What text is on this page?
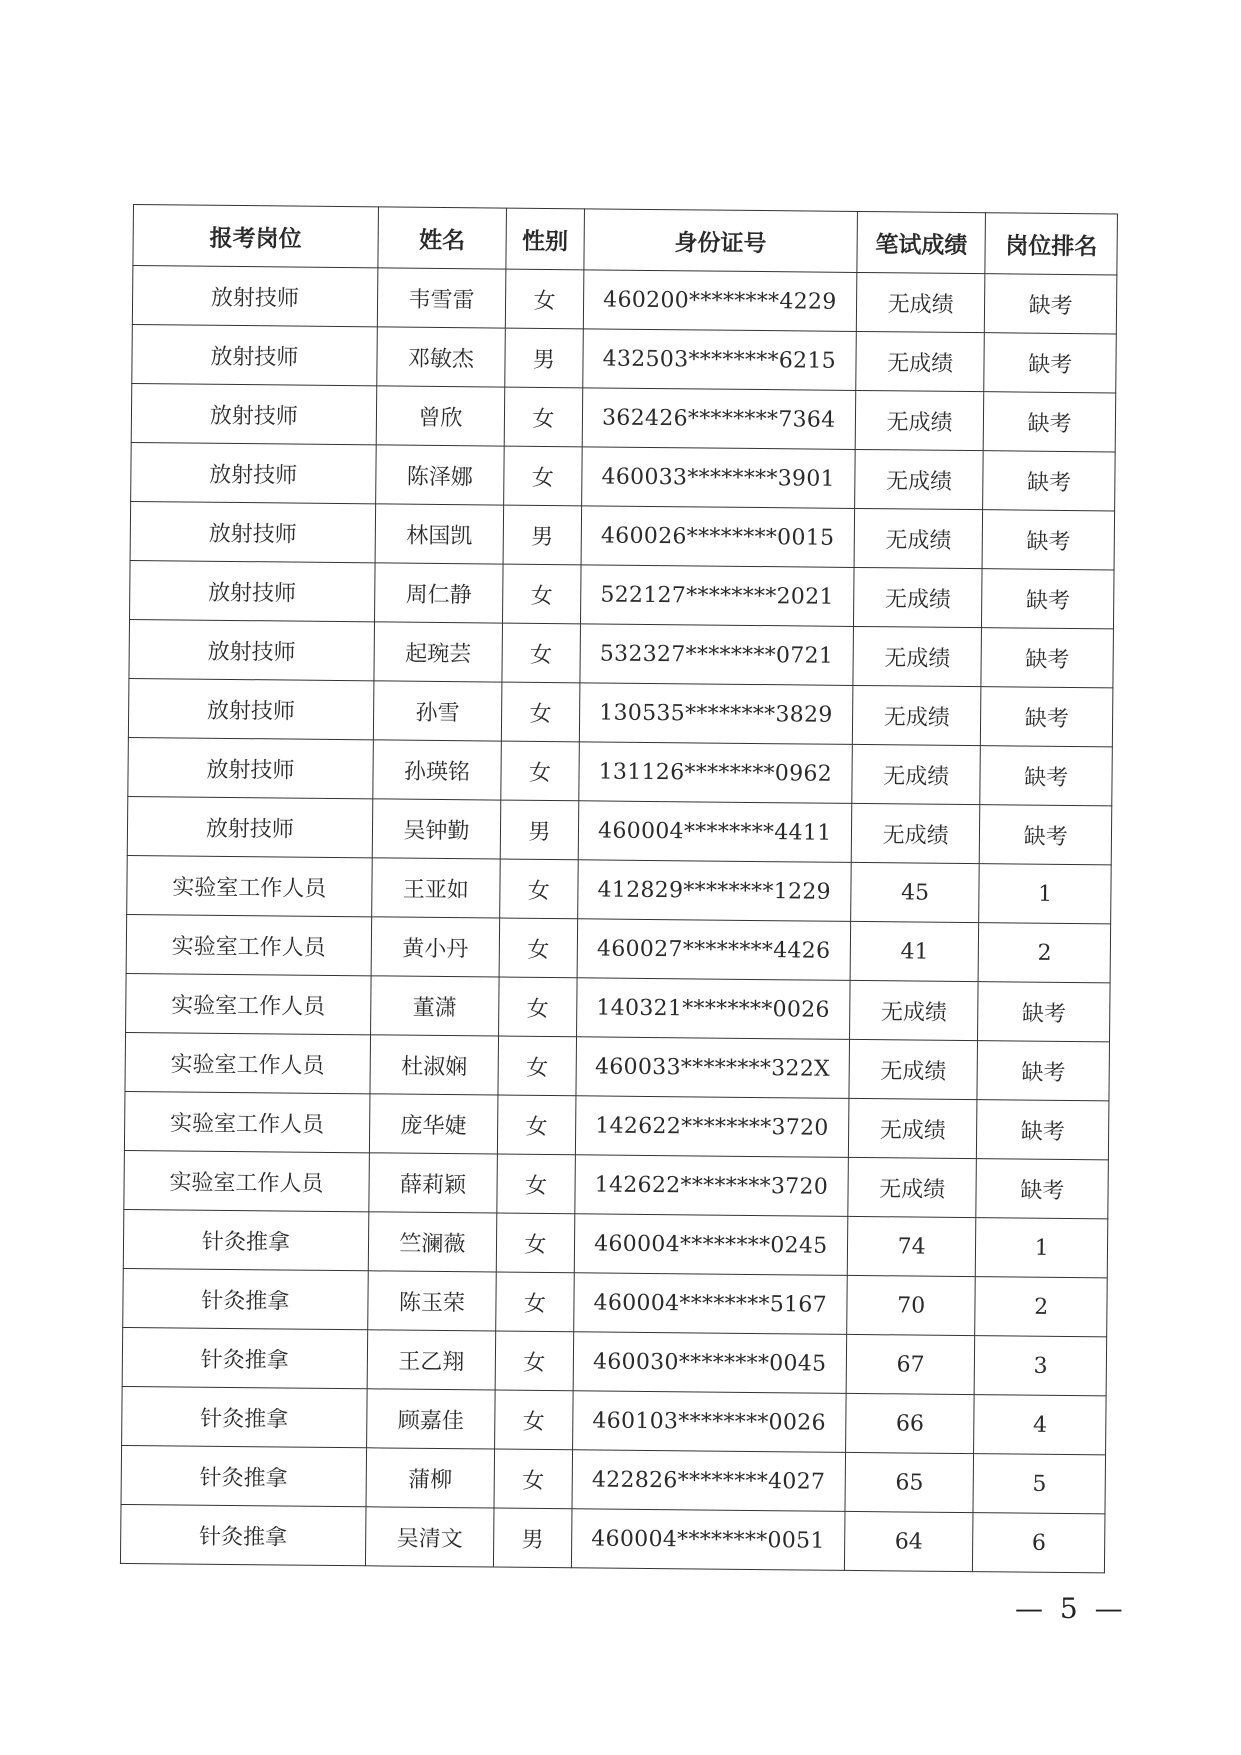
报考岗位	姓名	性别	身份证号	笔试成绩	岗位排名
放射技师	韦雪雷	女	460200********4229	无成绩	缺考
放射技师	邓敏杰	男	432503********6215	无成绩	缺考
放射技师	曾欣	女	362426********7364	无成绩	缺考
放射技师	陈泽娜	女	460033********3901	无成绩	缺考
放射技师	林国凯	男	460026********0015	无成绩	缺考
放射技师	周仁静	女	522127********2021	无成绩	缺考
放射技师	起琬芸	女	532327********0721	无成绩	缺考
放射技师	孙雪	女	130535********3829	无成绩	缺考
放射技师	孙瑛铭	女	131126********0962	无成绩	缺考
放射技师	吴钟勤	男	460004********4411	无成绩	缺考
实验室工作人员	王亚如	女	412829********1229	45	1
实验室工作人员	黄小丹	女	460027********4426	41	2
实验室工作人员	董潇	女	140321********0026	无成绩	缺考
实验室工作人员	杜淑娴	女	460033********322X	无成绩	缺考
实验室工作人员	庞华婕	女	142622********3720	无成绩	缺考
实验室工作人员	薛莉颖	女	142622********3720	无成绩	缺考
针灸推拿	竺澜薇	女	460004********0245	74	1
针灸推拿	陈玉荣	女	460004********5167	70	2
针灸推拿	王乙翔	女	460030********0045	67	3
针灸推拿	顾嘉佳	女	460103********0026	66	4
针灸推拿	蒲柳	女	422826********4027	65	5
针灸推拿	吴清文	男	460004********0051	64	6
— 5 —
